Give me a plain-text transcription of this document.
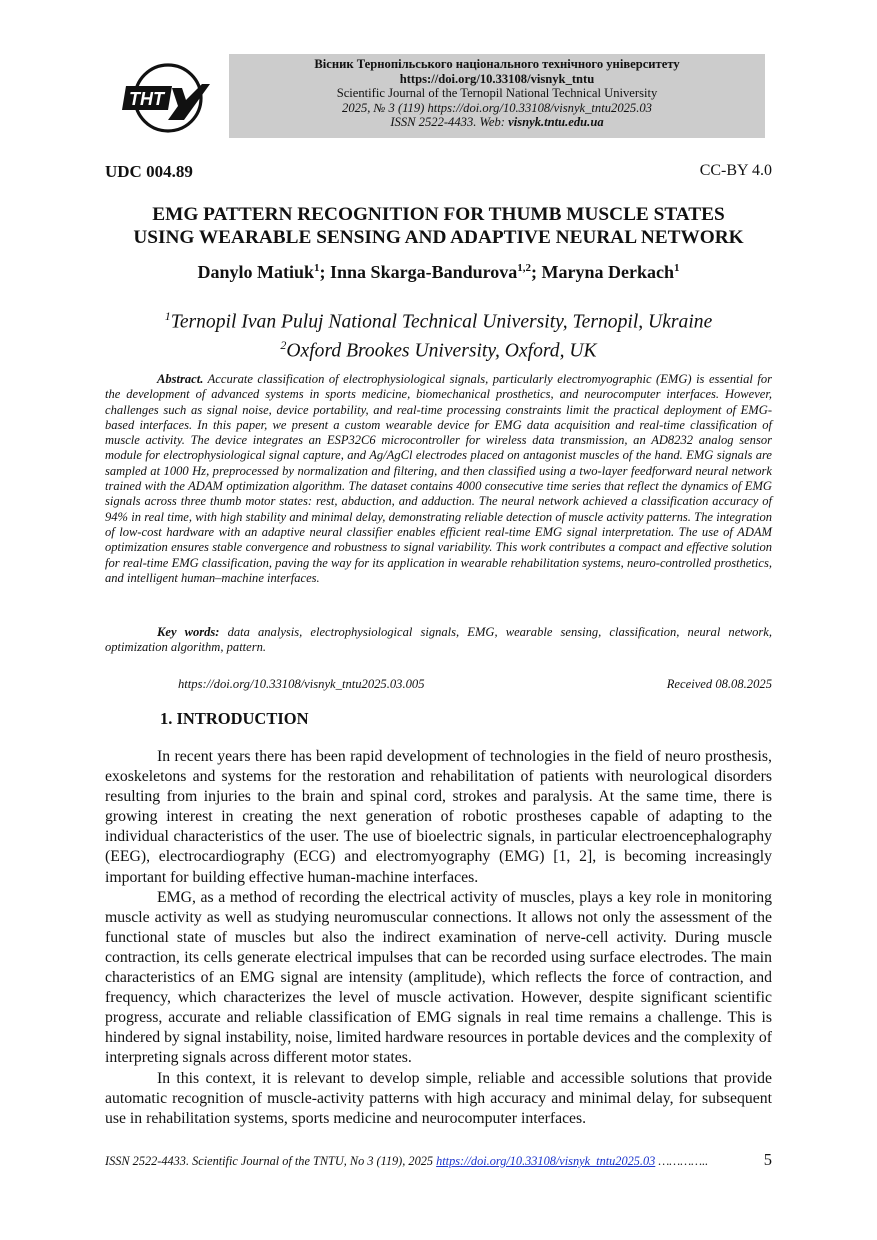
THT
Вісник Тернопільського національного технічного університету
https://doi.org/10.33108/visnyk_tntu
Scientific Journal of the Ternopil National Technical University
2025, № 3 (119) https://doi.org/10.33108/visnyk_tntu2025.03
ISSN 2522-4433. Web: visnyk.tntu.edu.ua
UDC 004.89	CC-BY 4.0
EMG PATTERN RECOGNITION FOR THUMB MUSCLE STATES
USING WEARABLE SENSING AND ADAPTIVE NEURAL NETWORK
Danylo Matiuk$^1$; Inna Skarga-Bandurova$^{1,2}$; Maryna Derkach$^1$
$^1$Ternopil Ivan Puluj National Technical University, Ternopil, Ukraine
$^2$Oxford Brookes University, Oxford, UK

Abstract. Accurate classification of electrophysiological signals, particularly electromyographic (EMG) is essential for the development of advanced systems in sports medicine, biomechanical prosthetics, and neurocomputer interfaces. However, challenges such as signal noise, device portability, and real-time processing constraints limit the practical deployment of EMG-based interfaces. In this paper, we present a custom wearable device for EMG data acquisition and real-time classification of muscle activity. The device integrates an ESP32C6 microcontroller for wireless data transmission, an AD8232 analog sensor module for electrophysiological signal capture, and Ag/AgCl electrodes placed on antagonist muscles of the hand. EMG signals are sampled at 1000 Hz, preprocessed by normalization and filtering, and then classified using a two-layer feedforward neural network trained with the ADAM optimization algorithm. The dataset contains 4000 consecutive time series that reflect the dynamics of EMG signals across three thumb motor states: rest, abduction, and adduction. The neural network achieved a classification accuracy of 94% in real time, with high stability and minimal delay, demonstrating reliable detection of muscle activity patterns. The integration of low-cost hardware with an adaptive neural classifier enables efficient real-time EMG signal interpretation. The use of ADAM optimization ensures stable convergence and robustness to signal variability. This work contributes a compact and effective solution for real-time EMG classification, paving the way for its application in wearable rehabilitation systems, neuro-controlled prosthetics, and intelligent human–machine interfaces.

Key words: data analysis, electrophysiological signals, EMG, wearable sensing, classification, neural network, optimization algorithm, pattern.

https://doi.org/10.33108/visnyk_tntu2025.03.005	Received 08.08.2025
1. INTRODUCTION

In recent years there has been rapid development of technologies in the field of neuro prosthesis, exoskeletons and systems for the restoration and rehabilitation of patients with neurological disorders resulting from injuries to the brain and spinal cord, strokes and paralysis. At the same time, there is growing interest in creating the next generation of robotic prostheses capable of adapting to the individual characteristics of the user. The use of bioelectric signals, in particular electroencephalography (EEG), electrocardiography (ECG) and electromyography (EMG) [1, 2], is becoming increasingly important for building effective human-machine interfaces.

EMG, as a method of recording the electrical activity of muscles, plays a key role in monitoring muscle activity as well as studying neuromuscular connections. It allows not only the assessment of the functional state of muscles but also the indirect examination of nerve-cell activity. During muscle contraction, its cells generate electrical impulses that can be recorded using surface electrodes. The main characteristics of an EMG signal are intensity (amplitude), which reflects the force of contraction, and frequency, which characterizes the level of muscle activation. However, despite significant scientific progress, accurate and reliable classification of EMG signals in real time remains a challenge. This is hindered by signal instability, noise, limited hardware resources in portable devices and the complexity of interpreting signals across different motor states.

In this context, it is relevant to develop simple, reliable and accessible solutions that provide automatic recognition of muscle-activity patterns with high accuracy and minimal delay, for subsequent use in rehabilitation systems, sports medicine and neurocomputer interfaces.

ISSN 2522-4433. Scientific Journal of the TNTU, No 3 (119), 2025 https://doi.org/10.33108/visnyk_tntu2025.03 …………..	5
